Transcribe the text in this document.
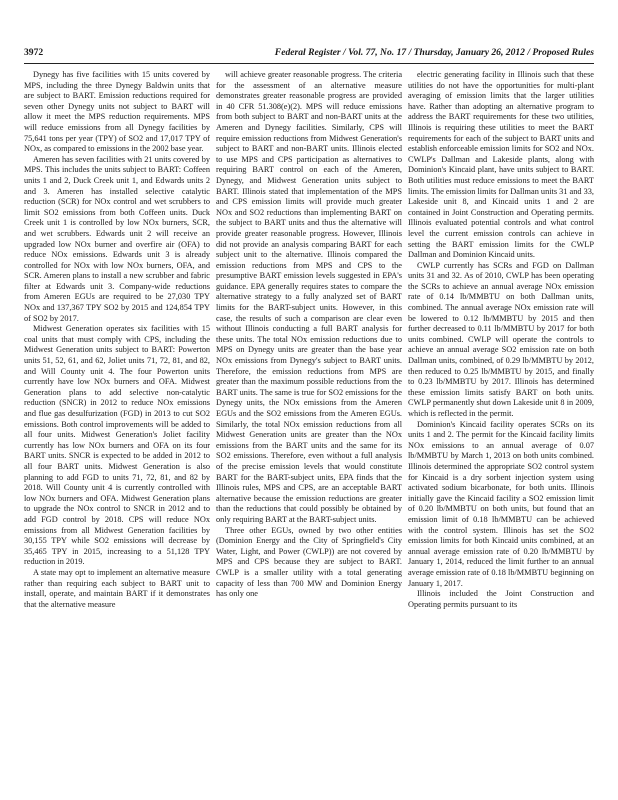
3972	Federal Register / Vol. 77, No. 17 / Thursday, January 26, 2012 / Proposed Rules

Dynegy has five facilities with 15 units covered by MPS, including the three Dynegy Baldwin units that are subject to BART. Emission reductions required for seven other Dynegy units not subject to BART will allow it meet the MPS reduction requirements. MPS will reduce emissions from all Dynegy facilities by 75,641 tons per year (TPY) of SO2 and 17,017 TPY of NOx, as compared to emissions in the 2002 base year.

Ameren has seven facilities with 21 units covered by MPS. This includes the units subject to BART: Coffeen units 1 and 2, Duck Creek unit 1, and Edwards units 2 and 3. Ameren has installed selective catalytic reduction (SCR) for NOx control and wet scrubbers to limit SO2 emissions from both Coffeen units. Duck Creek unit 1 is controlled by low NOx burners, SCR, and wet scrubbers. Edwards unit 2 will receive an upgraded low NOx burner and overfire air (OFA) to reduce NOx emissions. Edwards unit 3 is already controlled for NOx with low NOx burners, OFA, and SCR. Ameren plans to install a new scrubber and fabric filter at Edwards unit 3. Company-wide reductions from Ameren EGUs are required to be 27,030 TPY NOx and 137,367 TPY SO2 by 2015 and 124,854 TPY of SO2 by 2017.

Midwest Generation operates six facilities with 15 coal units that must comply with CPS, including the Midwest Generation units subject to BART: Powerton units 51, 52, 61, and 62, Joliet units 71, 72, 81, and 82, and Will County unit 4. The four Powerton units currently have low NOx burners and OFA. Midwest Generation plans to add selective non-catalytic reduction (SNCR) in 2012 to reduce NOx emissions and flue gas desulfurization (FGD) in 2013 to cut SO2 emissions. Both control improvements will be added to all four units. Midwest Generation's Joliet facility currently has low NOx burners and OFA on its four BART units. SNCR is expected to be added in 2012 to all four BART units. Midwest Generation is also planning to add FGD to units 71, 72, 81, and 82 by 2018. Will County unit 4 is currently controlled with low NOx burners and OFA. Midwest Generation plans to upgrade the NOx control to SNCR in 2012 and to add FGD control by 2018. CPS will reduce NOx emissions from all Midwest Generation facilities by 30,155 TPY while SO2 emissions will decrease by 35,465 TPY in 2015, increasing to a 51,128 TPY reduction in 2019.

A state may opt to implement an alternative measure rather than requiring each subject to BART unit to install, operate, and maintain BART if it demonstrates that the alternative measure

will achieve greater reasonable progress. The criteria for the assessment of an alternative measure demonstrates greater reasonable progress are provided in 40 CFR 51.308(e)(2). MPS will reduce emissions from both subject to BART and non-BART units at the Ameren and Dynegy facilities. Similarly, CPS will require emission reductions from Midwest Generation's subject to BART and non-BART units. Illinois elected to use MPS and CPS participation as alternatives to requiring BART control on each of the Ameren, Dynegy, and Midwest Generation units subject to BART. Illinois stated that implementation of the MPS and CPS emission limits will provide much greater NOx and SO2 reductions than implementing BART on the subject to BART units and thus the alternative will provide greater reasonable progress. However, Illinois did not provide an analysis comparing BART for each subject unit to the alternative. Illinois compared the emission reductions from MPS and CPS to the presumptive BART emission levels suggested in EPA's guidance. EPA generally requires states to compare the alternative strategy to a fully analyzed set of BART limits for the BART-subject units. However, in this case, the results of such a comparison are clear even without Illinois conducting a full BART analysis for these units. The total NOx emission reductions due to MPS on Dynegy units are greater than the base year NOx emissions from Dynegy's subject to BART units. Therefore, the emission reductions from MPS are greater than the maximum possible reductions from the BART units. The same is true for SO2 emissions for the Dynegy units, the NOx emissions from the Ameren EGUs and the SO2 emissions from the Ameren EGUs. Similarly, the total NOx emission reductions from all Midwest Generation units are greater than the NOx emissions from the BART units and the same for its SO2 emissions. Therefore, even without a full analysis of the precise emission levels that would constitute BART for the BART-subject units, EPA finds that the Illinois rules, MPS and CPS, are an acceptable BART alternative because the emission reductions are greater than the reductions that could possibly be obtained by only requiring BART at the BART-subject units.

Three other EGUs, owned by two other entities (Dominion Energy and the City of Springfield's City Water, Light, and Power (CWLP)) are not covered by MPS and CPS because they are subject to BART. CWLP is a smaller utility with a total generating capacity of less than 700 MW and Dominion Energy has only one

electric generating facility in Illinois such that these utilities do not have the opportunities for multi-plant averaging of emission limits that the larger utilities have. Rather than adopting an alternative program to address the BART requirements for these two utilities, Illinois is requiring these utilities to meet the BART requirements for each of the subject to BART units and establish enforceable emission limits for SO2 and NOx. CWLP's Dallman and Lakeside plants, along with Dominion's Kincaid plant, have units subject to BART. Both utilities must reduce emissions to meet the BART limits. The emission limits for Dallman units 31 and 33, Lakeside unit 8, and Kincaid units 1 and 2 are contained in Joint Construction and Operating permits. Illinois evaluated potential controls and what control level the current emission controls can achieve in setting the BART emission limits for the CWLP Dallman and Dominion Kincaid units.

CWLP currently has SCRs and FGD on Dallman units 31 and 32. As of 2010, CWLP has been operating the SCRs to achieve an annual average NOx emission rate of 0.14 lb/MMBTU on both Dallman units, combined. The annual average NOx emission rate will be lowered to 0.12 lb/MMBTU by 2015 and then further decreased to 0.11 lb/MMBTU by 2017 for both units combined. CWLP will operate the controls to achieve an annual average SO2 emission rate on both Dallman units, combined, of 0.29 lb/MMBTU by 2012, then reduced to 0.25 lb/MMBTU by 2015, and finally to 0.23 lb/MMBTU by 2017. Illinois has determined these emission limits satisfy BART on both units. CWLP permanently shut down Lakeside unit 8 in 2009, which is reflected in the permit.

Dominion's Kincaid facility operates SCRs on its units 1 and 2. The permit for the Kincaid facility limits NOx emissions to an annual average of 0.07 lb/MMBTU by March 1, 2013 on both units combined. Illinois determined the appropriate SO2 control system for Kincaid is a dry sorbent injection system using activated sodium bicarbonate, for both units. Illinois initially gave the Kincaid facility a SO2 emission limit of 0.20 lb/MMBTU on both units, but found that an emission limit of 0.18 lb/MMBTU can be achieved with the control system. Illinois has set the SO2 emission limits for both Kincaid units combined, at an annual average emission rate of 0.20 lb/MMBTU by January 1, 2014, reduced the limit further to an annual average emission rate of 0.18 lb/MMBTU beginning on January 1, 2017.

Illinois included the Joint Construction and Operating permits pursuant to its
